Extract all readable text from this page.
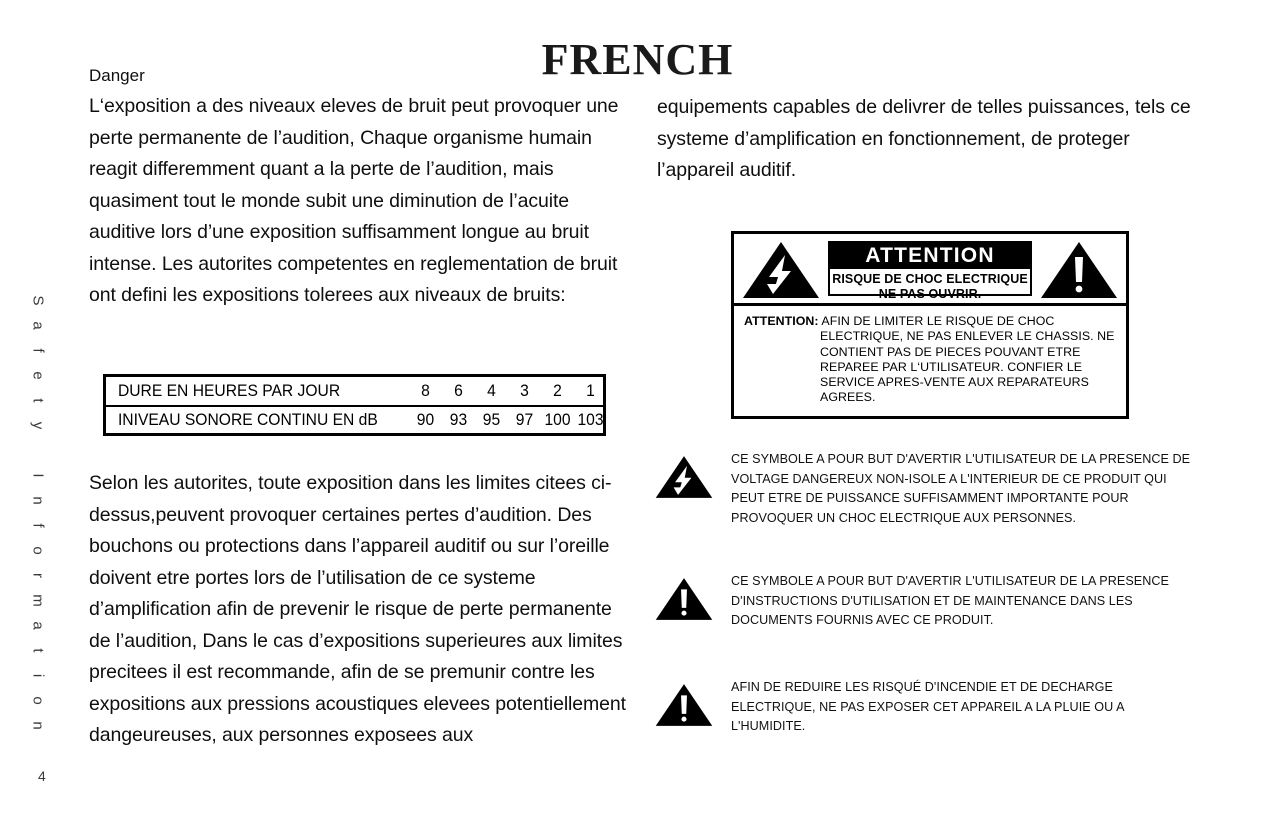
S
a
f
e
t
y

I
n
f
o
r
m
a
t
i
o
n
4
FRENCH
Danger
L‘exposition a des niveaux eleves de bruit peut provoquer une perte permanente de l’audition, Chaque organisme humain reagit differemment quant a la perte de l’audition, mais quasiment tout le monde subit une diminution de l’acuite auditive lors d’une exposition suffisamment longue au bruit intense. Les autorites competentes en reglementation de bruit ont defini les expositions tolerees aux niveaux de bruits:
DURE EN HEURES PAR JOUR	8	6	4	3	2	1
INIVEAU SONORE CONTINU EN dB	90 93 95 97 100 103
Selon les autorites, toute exposition dans les limites citees ci-dessus,peuvent provoquer certaines pertes d’audition. Des bouchons ou protections dans l’appareil auditif ou sur l’oreille doivent etre portes lors de l’utilisation de ce systeme d’amplification afin de prevenir le risque de perte permanente de l’audition, Dans le cas d’expositions superieures aux limites precitees il est recommande, afin de se premunir contre les expositions aux pressions acoustiques elevees potentiellement dangeureuses, aux personnes exposees aux
equipements capables de delivrer de telles puissances, tels ce systeme d’amplification en fonctionnement, de proteger l’appareil auditif.
ATTENTION
RISQUE DE CHOC ELECTRIQUE
NE PAS OUVRIR.
ATTENTION: AFIN DE LIMITER LE RISQUE DE CHOC ELECTRIQUE, NE PAS ENLEVER LE CHASSIS. NE CONTIENT PAS DE PIECES POUVANT ETRE REPAREE PAR L‘UTILISATEUR. CONFIER LE SERVICE APRES-VENTE AUX REPARATEURS AGREES.
CE SYMBOLE A POUR BUT D'AVERTIR L'UTILISATEUR DE LA PRESENCE DE VOLTAGE DANGEREUX NON-ISOLE A L'INTERIEUR DE CE PRODUIT QUI PEUT ETRE DE PUISSANCE SUFFISAMMENT IMPORTANTE POUR PROVOQUER UN CHOC ELECTRIQUE AUX PERSONNES.
CE SYMBOLE A POUR BUT D'AVERTIR L'UTILISATEUR DE LA PRESENCE D'INSTRUCTIONS D'UTILISATION ET DE MAINTENANCE DANS LES DOCUMENTS FOURNIS AVEC CE PRODUIT.
AFIN DE REDUIRE LES RISQUÉ D'INCENDIE ET DE DECHARGE ELECTRIQUE, NE PAS EXPOSER CET APPAREIL A LA PLUIE OU A L'HUMIDITE.
